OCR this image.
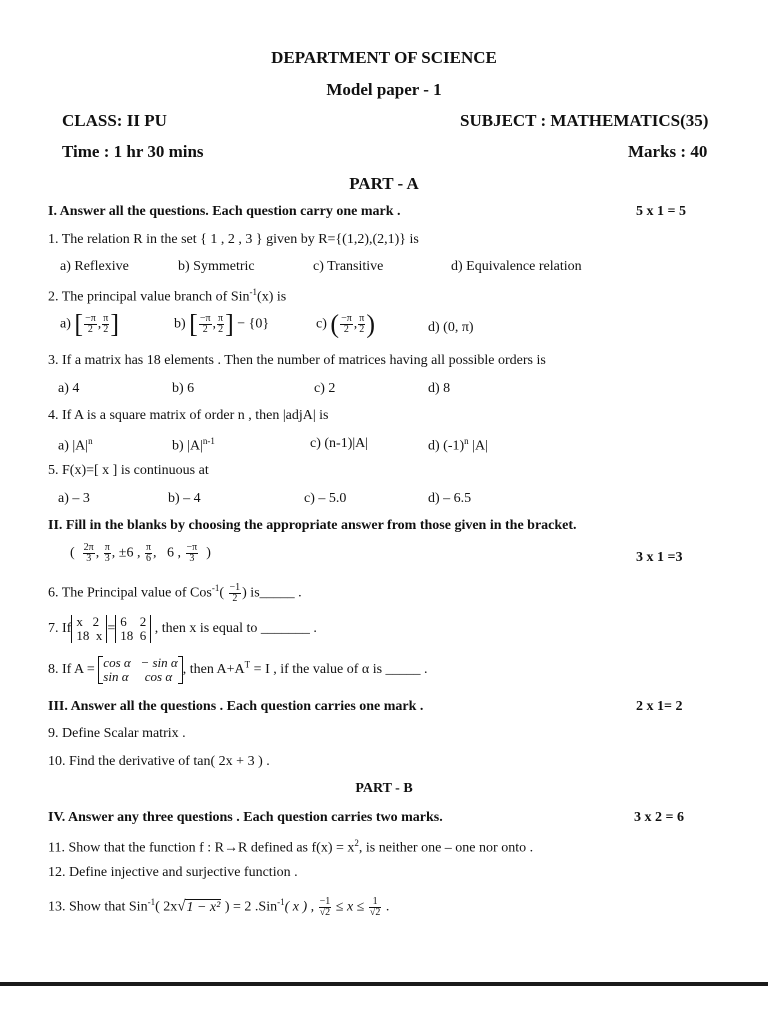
DEPARTMENT OF SCIENCE
Model paper - 1
CLASS: II PU	SUBJECT : MATHEMATICS(35)
Time : 1 hr 30 mins	Marks : 40
PART - A
I. Answer all the questions. Each question carry one mark .	5 x 1 = 5
1. The relation R in the set { 1 , 2 , 3 } given by R={(1,2),(2,1)} is
a) Reflexive	b) Symmetric	c) Transitive	d) Equivalence relation
2. The principal value branch of Sin$^{-1}$(x) is
a) [ $\frac{-\pi}{2}$ , $\frac{\pi}{2}$ ]	b) [ $\frac{-\pi}{2}$ , $\frac{\pi}{2}$ ] − {0}	c) ( $\frac{-\pi}{2}$ , $\frac{\pi}{2}$ )	d) (0, π)
3. If a matrix has 18 elements . Then the number of matrices having all possible orders is
a) 4	b) 6	c) 2	d) 8
4. If A is a square matrix of order n , then |adjA| is
a) $|A|^n$	b) $|A|^{n-1}$	c) (n-1)|A|	d) $(-1)^n$ |A|
5. F(x)=[ x ] is continuous at
a) – 3	b) – 4	c) – 5.0	d) – 6.5
II. Fill in the blanks by choosing the appropriate answer from those given in the bracket.
3 x 1 =3
( $\frac{2\pi}{3}$ , $\frac{\pi}{3}$ , ±6 , $\frac{\pi}{6}$ ,   6 , $\frac{-\pi}{3}$ )
6. The Principal value of $Cos^{-1}( \frac{-1}{2}$ ) is_____ .
7. If x   2
18  x = 6    2
18  6 , then x is equal to _______ .
8. If A = cos α   − sin α
sin α     cos α , then $A+A^T = I$ , if the value of α is _____ .
III. Answer all the questions . Each question carries one mark .	2 x 1= 2
9. Define Scalar matrix .
10. Find the derivative of tan( 2x + 3 ) .
PART - B
IV. Answer any three questions . Each question carries two marks.	3 x 2 = 6
11. Show that the function f : R→R defined as $f(x) = x^2$, is neither one – one nor onto .
12. Define injective and surjective function .
13. Show that Sin$^{-1}$( 2x√1 − x² ) = 2 .Sin$^{-1}$( x ) , $\frac{-1}{√2} \le x \le \frac{1}{√2}$ .
